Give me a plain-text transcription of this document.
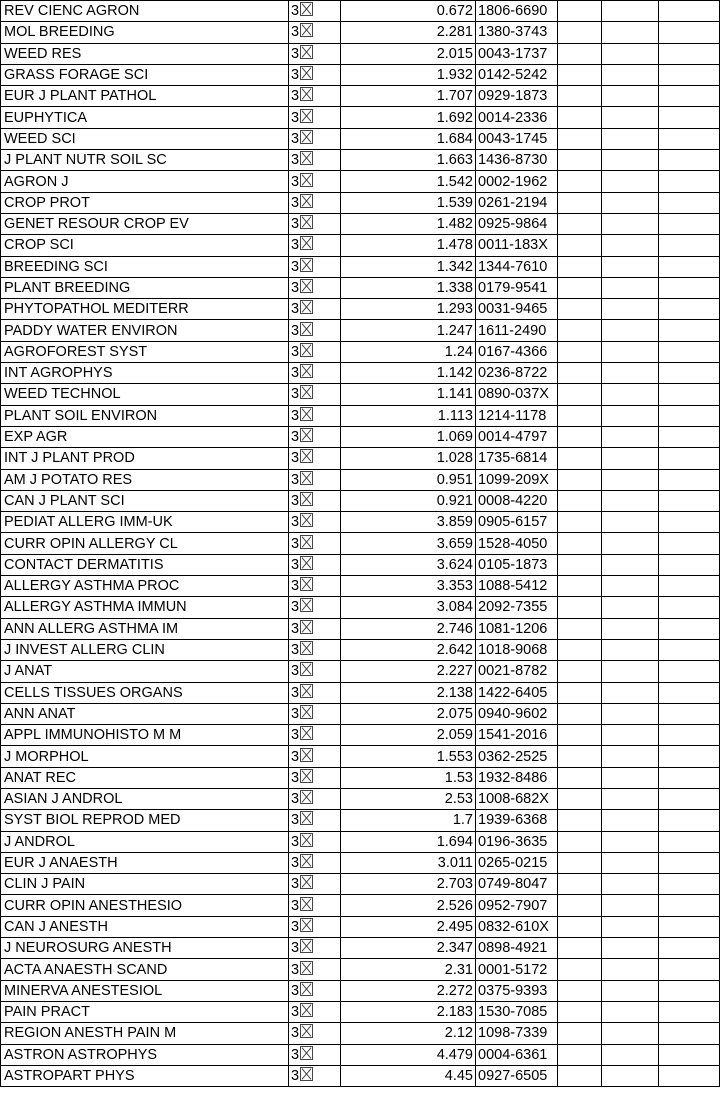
REV CIENC AGRON	3	0.672	1806-6690			
MOL BREEDING	3	2.281	1380-3743			
WEED RES	3	2.015	0043-1737			
GRASS FORAGE SCI	3	1.932	0142-5242			
EUR J PLANT PATHOL	3	1.707	0929-1873			
EUPHYTICA	3	1.692	0014-2336			
WEED SCI	3	1.684	0043-1745			
J PLANT NUTR SOIL SC	3	1.663	1436-8730			
AGRON J	3	1.542	0002-1962			
CROP PROT	3	1.539	0261-2194			
GENET RESOUR CROP EV	3	1.482	0925-9864			
CROP SCI	3	1.478	0011-183X			
BREEDING SCI	3	1.342	1344-7610			
PLANT BREEDING	3	1.338	0179-9541			
PHYTOPATHOL MEDITERR	3	1.293	0031-9465			
PADDY WATER ENVIRON	3	1.247	1611-2490			
AGROFOREST SYST	3	1.24	0167-4366			
INT AGROPHYS	3	1.142	0236-8722			
WEED TECHNOL	3	1.141	0890-037X			
PLANT SOIL ENVIRON	3	1.113	1214-1178			
EXP AGR	3	1.069	0014-4797			
INT J PLANT PROD	3	1.028	1735-6814			
AM J POTATO RES	3	0.951	1099-209X			
CAN J PLANT SCI	3	0.921	0008-4220			
PEDIAT ALLERG IMM-UK	3	3.859	0905-6157			
CURR OPIN ALLERGY CL	3	3.659	1528-4050			
CONTACT DERMATITIS	3	3.624	0105-1873			
ALLERGY ASTHMA PROC	3	3.353	1088-5412			
ALLERGY ASTHMA IMMUN	3	3.084	2092-7355			
ANN ALLERG ASTHMA IM	3	2.746	1081-1206			
J INVEST ALLERG CLIN	3	2.642	1018-9068			
J ANAT	3	2.227	0021-8782			
CELLS TISSUES ORGANS	3	2.138	1422-6405			
ANN ANAT	3	2.075	0940-9602			
APPL IMMUNOHISTO M M	3	2.059	1541-2016			
J MORPHOL	3	1.553	0362-2525			
ANAT REC	3	1.53	1932-8486			
ASIAN J ANDROL	3	2.53	1008-682X			
SYST BIOL REPROD MED	3	1.7	1939-6368			
J ANDROL	3	1.694	0196-3635			
EUR J ANAESTH	3	3.011	0265-0215			
CLIN J PAIN	3	2.703	0749-8047			
CURR OPIN ANESTHESIO	3	2.526	0952-7907			
CAN J ANESTH	3	2.495	0832-610X			
J NEUROSURG ANESTH	3	2.347	0898-4921			
ACTA ANAESTH SCAND	3	2.31	0001-5172			
MINERVA ANESTESIOL	3	2.272	0375-9393			
PAIN PRACT	3	2.183	1530-7085			
REGION ANESTH PAIN M	3	2.12	1098-7339			
ASTRON ASTROPHYS	3	4.479	0004-6361			
ASTROPART PHYS	3	4.45	0927-6505			
